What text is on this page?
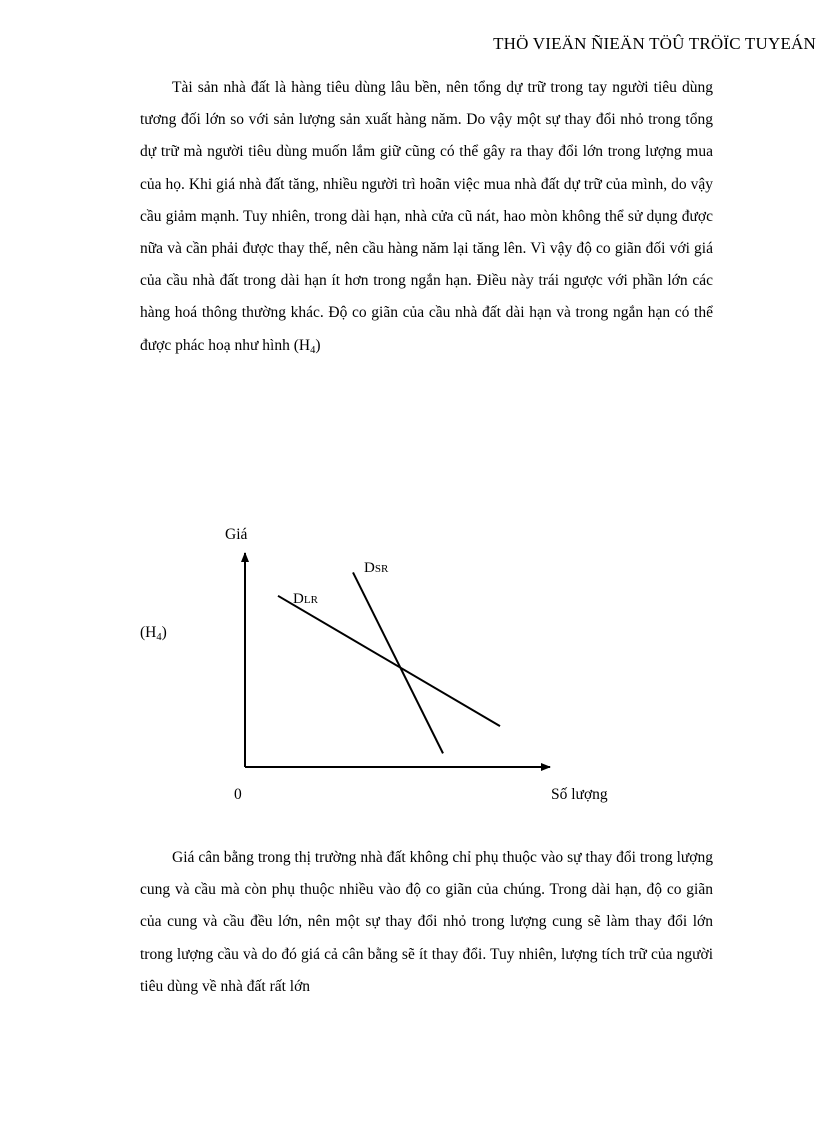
THÖ VIEÄN ÑIEÄN TÖÛ TRÖÏC TUYEÁN

Tài sản nhà đất là hàng tiêu dùng lâu bền, nên tổng dự trữ trong tay người tiêu dùng tương đối lớn so với sản lượng sản xuất hàng năm. Do vậy một sự thay đổi nhỏ trong tổng dự trữ mà người tiêu dùng muốn lắm giữ cũng có thể gây ra thay đổi lớn trong lượng mua của họ. Khi giá nhà đất tăng, nhiều người trì hoãn việc mua nhà đất dự trữ của mình, do vậy cầu giảm mạnh. Tuy nhiên, trong dài hạn, nhà cửa cũ nát, hao mòn không thể sử dụng được nữa và cần phải được thay thế, nên cầu hàng năm lại tăng lên. Vì vậy độ co giãn đối với giá của cầu nhà đất trong dài hạn ít hơn trong ngắn hạn. Điều này trái ngược với phần lớn các hàng hoá thông thường khác. Độ co giãn của cầu nhà đất dài hạn và trong ngắn hạn có thể được phác hoạ như hình $(H_4)$

$(H_4)$
Giá
0	Số lượng
DLR
DSR

Giá cân bằng trong thị trường nhà đất không chỉ phụ thuộc vào sự thay đổi trong lượng cung và cầu mà còn phụ thuộc nhiều vào độ co giãn của chúng. Trong dài hạn, độ co giãn của cung và cầu đều lớn, nên một sự thay đổi nhỏ trong lượng cung sẽ làm thay đổi lớn trong lượng cầu và do đó giá cả cân bằng sẽ ít thay đổi. Tuy nhiên, lượng tích trữ của người tiêu dùng về nhà đất rất lớn
